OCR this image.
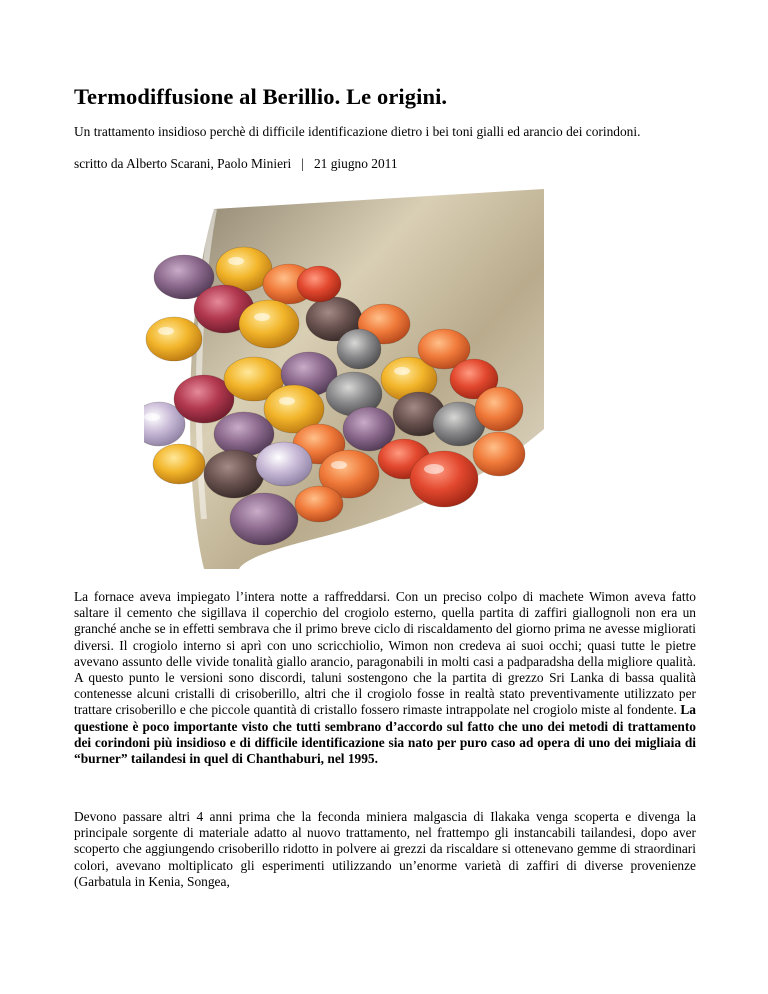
Termodiffusione al Berillio. Le origini.
Un trattamento insidioso perchè di difficile identificazione dietro i bei toni gialli ed arancio dei corindoni.
scritto da Alberto Scarani, Paolo Minieri | 21 giugno 2011
La fornace aveva impiegato l’intera notte a raffreddarsi. Con un preciso colpo di machete Wimon aveva fatto saltare il cemento che sigillava il coperchio del crogiolo esterno, quella partita di zaffiri giallognoli non era un granché anche se in effetti sembrava che il primo breve ciclo di riscaldamento del giorno prima ne avesse migliorati diversi. Il crogiolo interno si aprì con uno scricchiolio, Wimon non credeva ai suoi occhi; quasi tutte le pietre avevano assunto delle vivide tonalità giallo arancio, paragonabili in molti casi a padparadsha della migliore qualità. A questo punto le versioni sono discordi, taluni sostengono che la partita di grezzo Sri Lanka di bassa qualità contenesse alcuni cristalli di crisoberillo, altri che il crogiolo fosse in realtà stato preventivamente utilizzato per trattare crisoberillo e che piccole quantità di cristallo fossero rimaste intrappolate nel crogiolo miste al fondente. La questione è poco importante visto che tutti sembrano d’accordo sul fatto che uno dei metodi di trattamento dei corindoni più insidioso e di difficile identificazione sia nato per puro caso ad opera di uno dei migliaia di “burner” tailandesi in quel di Chanthaburi, nel 1995.
Devono passare altri 4 anni prima che la feconda miniera malgascia di Ilakaka venga scoperta e divenga la principale sorgente di materiale adatto al nuovo trattamento, nel frattempo gli instancabili tailandesi, dopo aver scoperto che aggiungendo crisoberillo ridotto in polvere ai grezzi da riscaldare si ottenevano gemme di straordinari colori, avevano moltiplicato gli esperimenti utilizzando un’enorme varietà di zaffiri di diverse provenienze (Garbatula in Kenia, Songea,
